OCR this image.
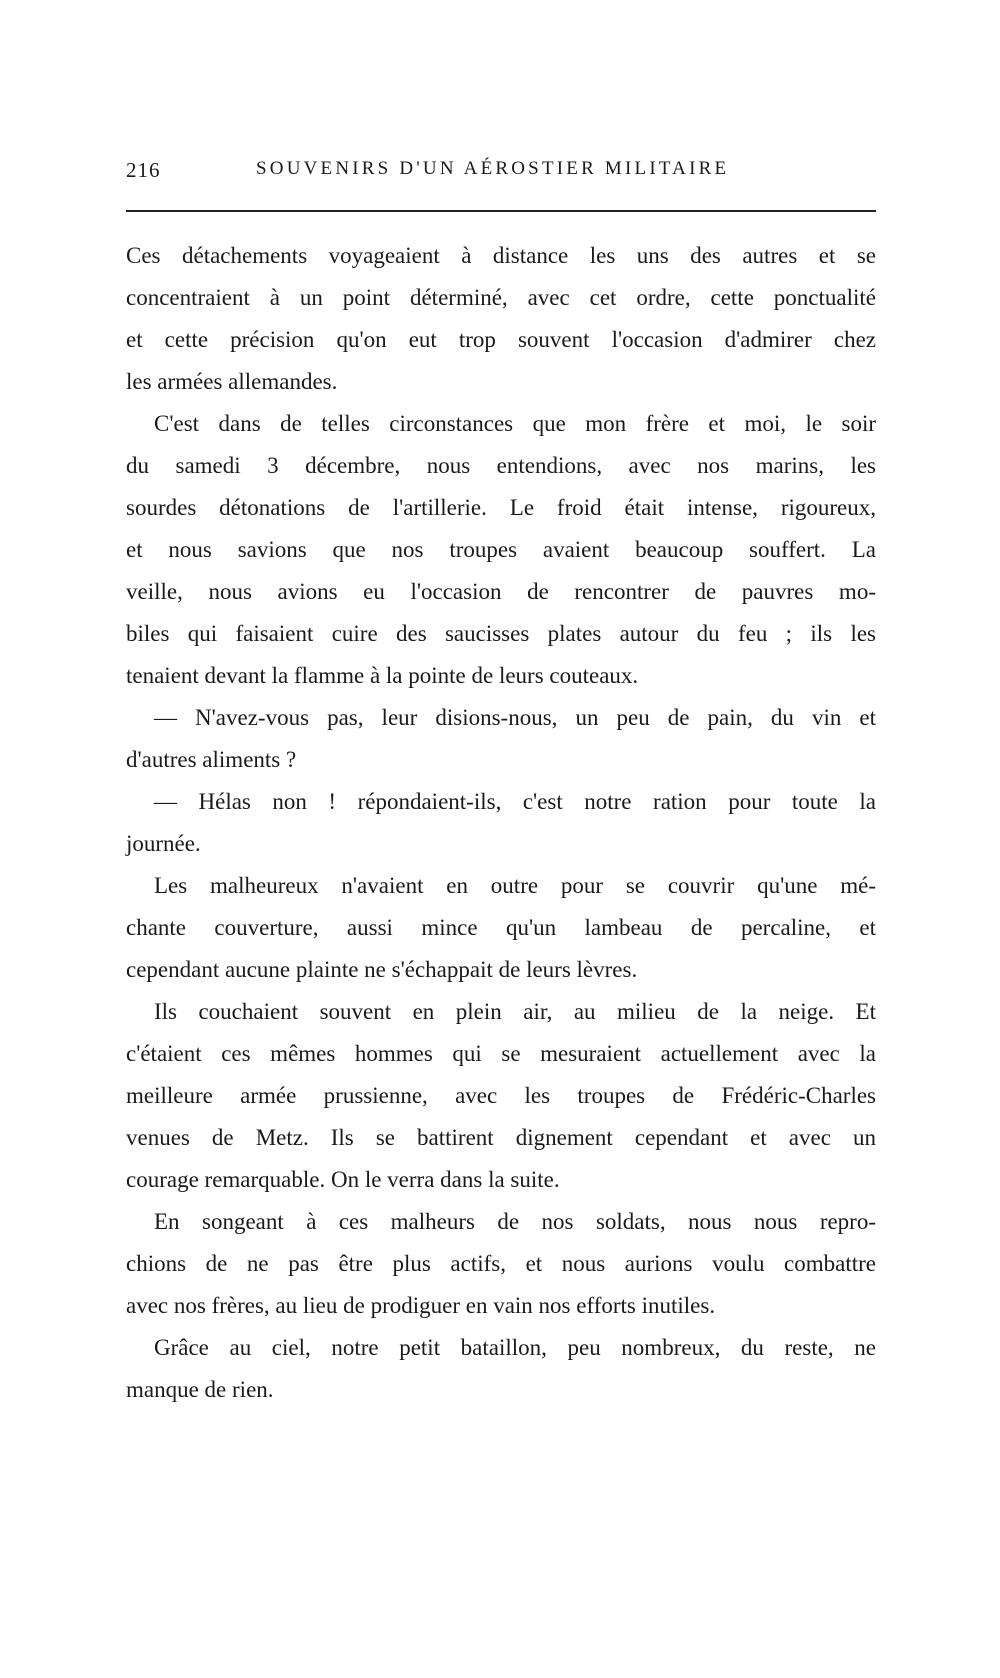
216	SOUVENIRS D'UN AÉROSTIER MILITAIRE
Ces détachements voyageaient à distance les uns des autres et se
concentraient à un point déterminé, avec cet ordre, cette ponctualité
et cette précision qu'on eut trop souvent l'occasion d'admirer chez
les armées allemandes.
C'est dans de telles circonstances que mon frère et moi, le soir
du samedi 3 décembre, nous entendions, avec nos marins, les
sourdes détonations de l'artillerie. Le froid était intense, rigoureux,
et nous savions que nos troupes avaient beaucoup souffert. La
veille, nous avions eu l'occasion de rencontrer de pauvres mo-
biles qui faisaient cuire des saucisses plates autour du feu ; ils les
tenaient devant la flamme à la pointe de leurs couteaux.
— N'avez-vous pas, leur disions-nous, un peu de pain, du vin et
d'autres aliments ?
— Hélas non ! répondaient-ils, c'est notre ration pour toute la
journée.
Les malheureux n'avaient en outre pour se couvrir qu'une mé-
chante couverture, aussi mince qu'un lambeau de percaline, et
cependant aucune plainte ne s'échappait de leurs lèvres.
Ils couchaient souvent en plein air, au milieu de la neige. Et
c'étaient ces mêmes hommes qui se mesuraient actuellement avec la
meilleure armée prussienne, avec les troupes de Frédéric-Charles
venues de Metz. Ils se battirent dignement cependant et avec un
courage remarquable. On le verra dans la suite.
En songeant à ces malheurs de nos soldats, nous nous repro-
chions de ne pas être plus actifs, et nous aurions voulu combattre
avec nos frères, au lieu de prodiguer en vain nos efforts inutiles.
Grâce au ciel, notre petit bataillon, peu nombreux, du reste, ne
manque de rien.
